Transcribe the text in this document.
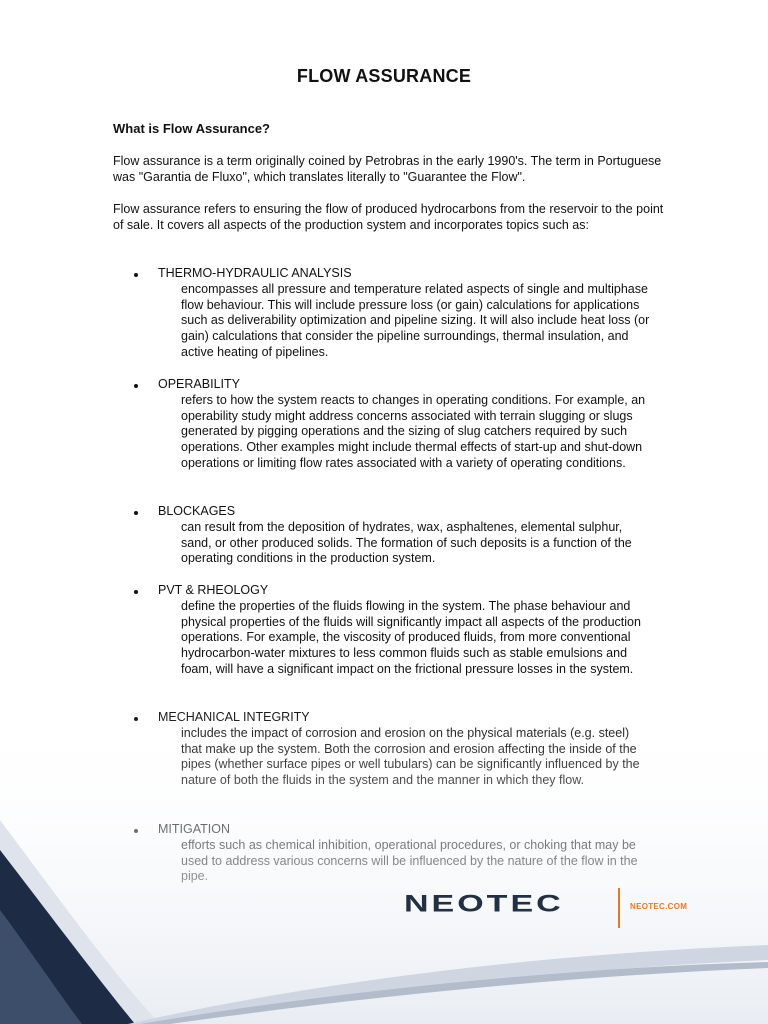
FLOW ASSURANCE
What is Flow Assurance?

Flow assurance is a term originally coined by Petrobras in the early 1990's. The term in Portuguese was "Garantia de Fluxo", which translates literally to "Guarantee the Flow".

Flow assurance refers to ensuring the flow of produced hydrocarbons from the reservoir to the point of sale. It covers all aspects of the production system and incorporates topics such as:

THERMO-HYDRAULIC ANALYSIS

encompasses all pressure and temperature related aspects of single and multiphase flow behaviour. This will include pressure loss (or gain) calculations for applications such as deliverability optimization and pipeline sizing. It will also include heat loss (or gain) calculations that consider the pipeline surroundings, thermal insulation, and active heating of pipelines.

OPERABILITY

refers to how the system reacts to changes in operating conditions. For example, an operability study might address concerns associated with terrain slugging or slugs generated by pigging operations and the sizing of slug catchers required by such operations. Other examples might include thermal effects of start-up and shut-down operations or limiting flow rates associated with a variety of operating conditions.

BLOCKAGES

can result from the deposition of hydrates, wax, asphaltenes, elemental sulphur, sand, or other produced solids. The formation of such deposits is a function of the operating conditions in the production system.

PVT & RHEOLOGY

define the properties of the fluids flowing in the system. The phase behaviour and physical properties of the fluids will significantly impact all aspects of the production operations. For example, the viscosity of produced fluids, from more conventional hydrocarbon-water mixtures to less common fluids such as stable emulsions and foam, will have a significant impact on the frictional pressure losses in the system.

NEOTEC	NEOTEC.COM
